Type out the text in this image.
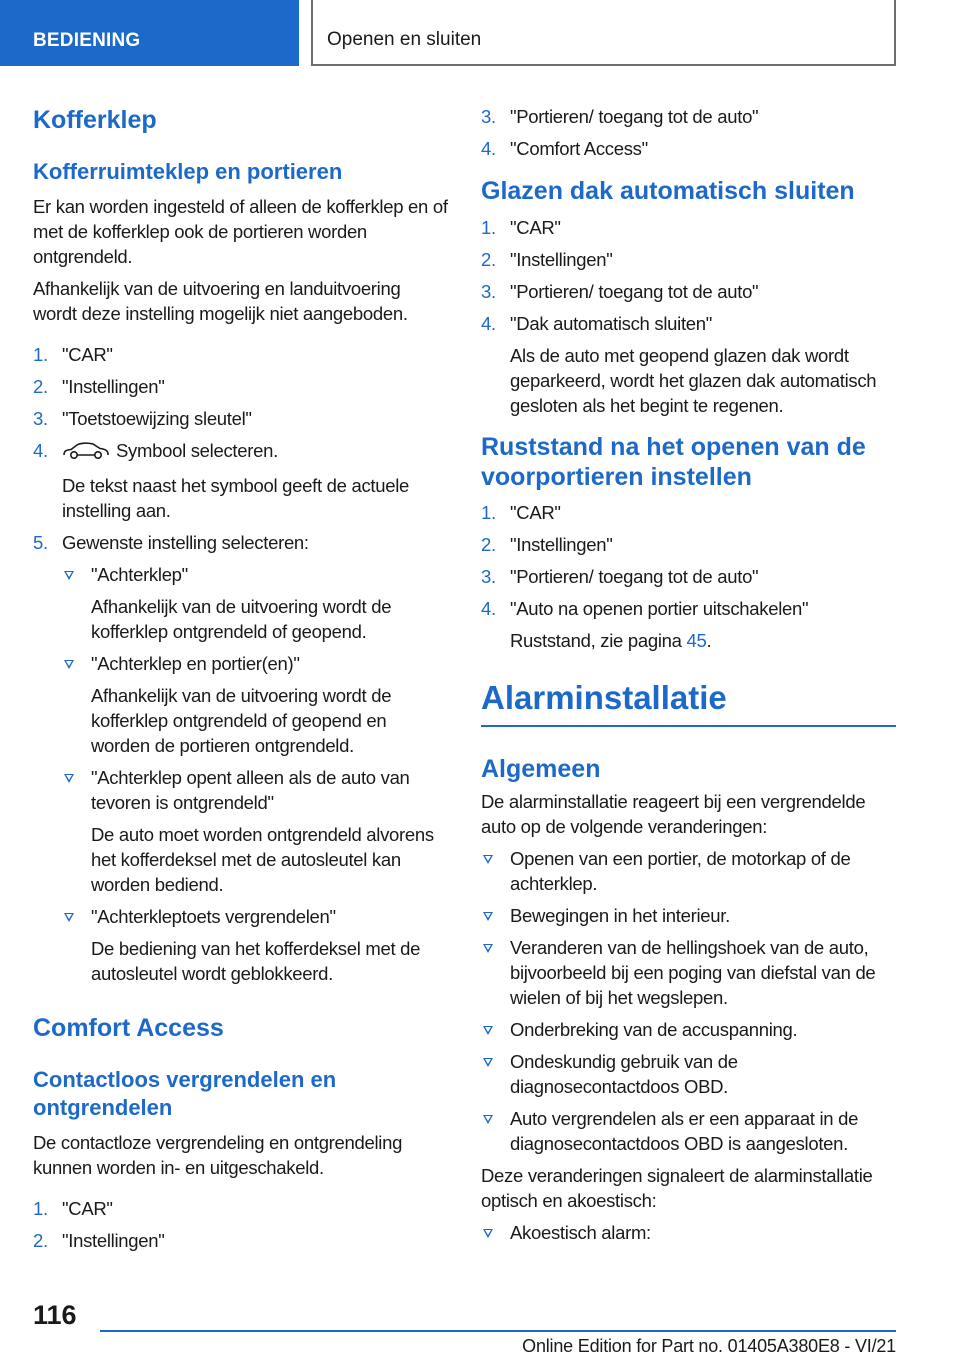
BEDIENING	Openen en sluiten
Kofferklep
Kofferruimteklep en portieren

Er kan worden ingesteld of alleen de kofferklep en of met de kofferklep ook de portieren worden ontgrendeld.

Afhankelijk van de uitvoering en landuitvoering wordt deze instelling mogelijk niet aangeboden.

1. "CAR"
2. "Instellingen"
3. "Toetstoewijzing sleutel"
4.	Symbool selecteren.
De tekst naast het symbool geeft de actuele instelling aan.
5. Gewenste instelling selecteren:
"Achterklep"
Afhankelijk van de uitvoering wordt de kofferklep ontgrendeld of geopend.
"Achterklep en portier(en)"
Afhankelijk van de uitvoering wordt de kofferklep ontgrendeld of geopend en worden de portieren ontgrendeld.
"Achterklep opent alleen als de auto van tevoren is ontgrendeld"
De auto moet worden ontgrendeld alvorens het kofferdeksel met de autosleutel kan worden bediend.
"Achterkleptoets vergrendelen"
De bediening van het kofferdeksel met de autosleutel wordt geblokkeerd.
Comfort Access
Contactloos vergrendelen en ontgrendelen

De contactloze vergrendeling en ontgrendeling kunnen worden in- en uitgeschakeld.

1. "CAR"
2. "Instellingen"
3. "Portieren/ toegang tot de auto"
4. "Comfort Access"
Glazen dak automatisch sluiten
1. "CAR"
2. "Instellingen"
3. "Portieren/ toegang tot de auto"
4. "Dak automatisch sluiten"
Als de auto met geopend glazen dak wordt geparkeerd, wordt het glazen dak automatisch gesloten als het begint te regenen.
Ruststand na het openen van de voorportieren instellen
1. "CAR"
2. "Instellingen"
3. "Portieren/ toegang tot de auto"
4. "Auto na openen portier uitschakelen"
Ruststand, zie pagina 45.
Alarminstallatie
Algemeen

De alarminstallatie reageert bij een vergrendelde auto op de volgende veranderingen:

Openen van een portier, de motorkap of de achterklep.
Bewegingen in het interieur.
Veranderen van de hellingshoek van de auto, bijvoorbeeld bij een poging van diefstal van de wielen of bij het wegslepen.
Onderbreking van de accuspanning.
Ondeskundig gebruik van de diagnosecontactdoos OBD.
Auto vergrendelen als er een apparaat in de diagnosecontactdoos OBD is aangesloten.

Deze veranderingen signaleert de alarminstallatie optisch en akoestisch:

Akoestisch alarm:
116
Online Edition for Part no. 01405A380E8 - VI/21
